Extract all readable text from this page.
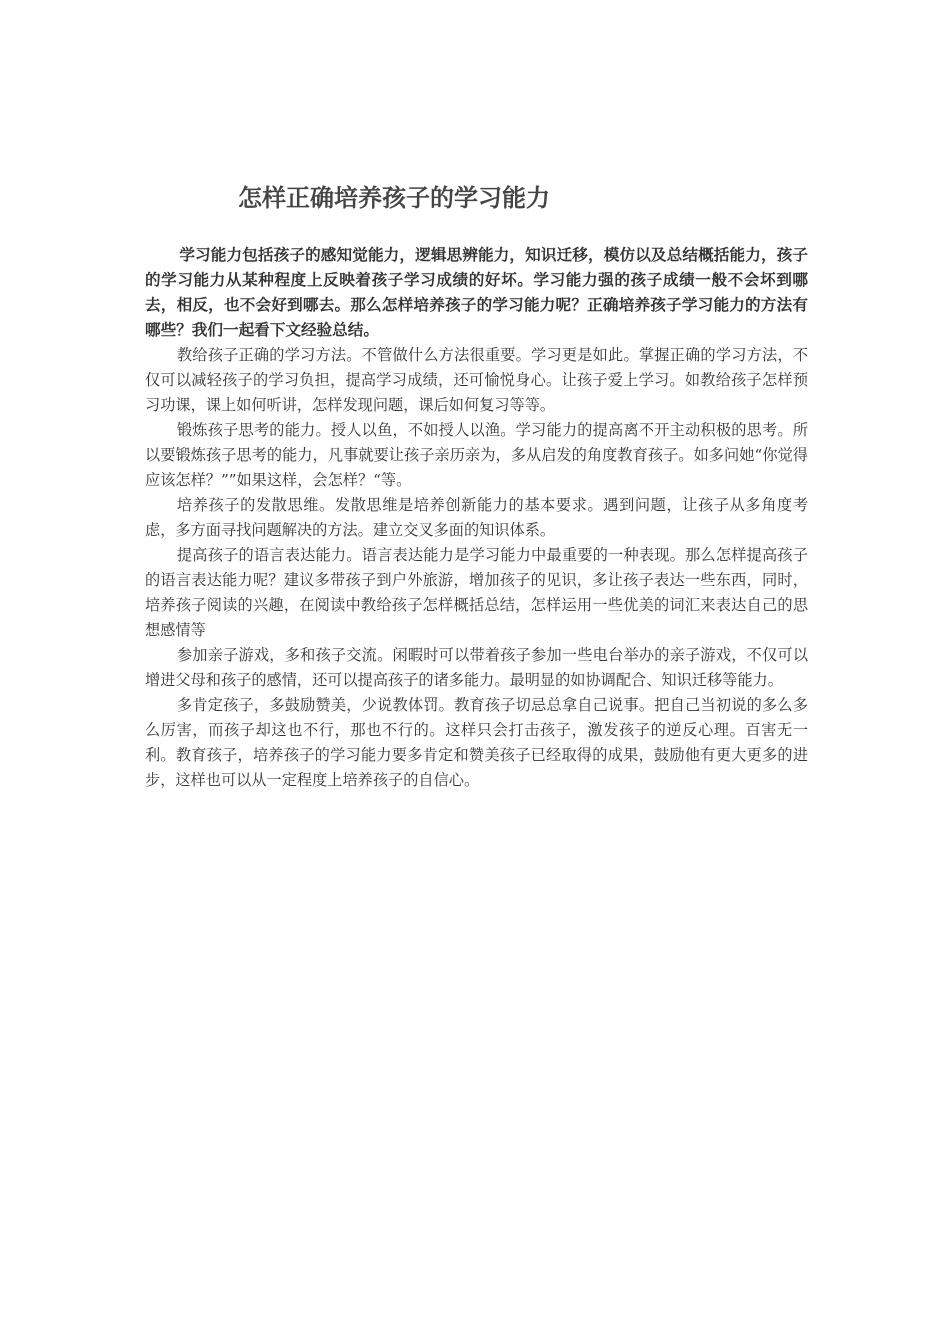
怎样正确培养孩子的学习能力

学习能力包括孩子的感知觉能力，逻辑思辨能力，知识迁移，模仿以及总结概括能力，孩子的学习能力从某种程度上反映着孩子学习成绩的好坏。学习能力强的孩子成绩一般不会坏到哪去，相反，也不会好到哪去。那么怎样培养孩子的学习能力呢？正确培养孩子学习能力的方法有哪些？我们一起看下文经验总结。

教给孩子正确的学习方法。不管做什么方法很重要。学习更是如此。掌握正确的学习方法，不仅可以减轻孩子的学习负担，提高学习成绩，还可愉悦身心。让孩子爱上学习。如教给孩子怎样预习功课，课上如何听讲，怎样发现问题，课后如何复习等等。

锻炼孩子思考的能力。授人以鱼，不如授人以渔。学习能力的提高离不开主动积极的思考。所以要锻炼孩子思考的能力，凡事就要让孩子亲历亲为，多从启发的角度教育孩子。如多问她“你觉得应该怎样？””如果这样，会怎样？“等。

培养孩子的发散思维。发散思维是培养创新能力的基本要求。遇到问题，让孩子从多角度考虑，多方面寻找问题解决的方法。建立交叉多面的知识体系。

提高孩子的语言表达能力。语言表达能力是学习能力中最重要的一种表现。那么怎样提高孩子的语言表达能力呢？建议多带孩子到户外旅游，增加孩子的见识，多让孩子表达一些东西，同时，培养孩子阅读的兴趣，在阅读中教给孩子怎样概括总结，怎样运用一些优美的词汇来表达自己的思想感情等

参加亲子游戏，多和孩子交流。闲暇时可以带着孩子参加一些电台举办的亲子游戏，不仅可以增进父母和孩子的感情，还可以提高孩子的诸多能力。最明显的如协调配合、知识迁移等能力。

多肯定孩子，多鼓励赞美，少说教体罚。教育孩子切忌总拿自己说事。把自己当初说的多么多么厉害，而孩子却这也不行，那也不行的。这样只会打击孩子，激发孩子的逆反心理。百害无一利。教育孩子，培养孩子的学习能力要多肯定和赞美孩子已经取得的成果，鼓励他有更大更多的进步，这样也可以从一定程度上培养孩子的自信心。
